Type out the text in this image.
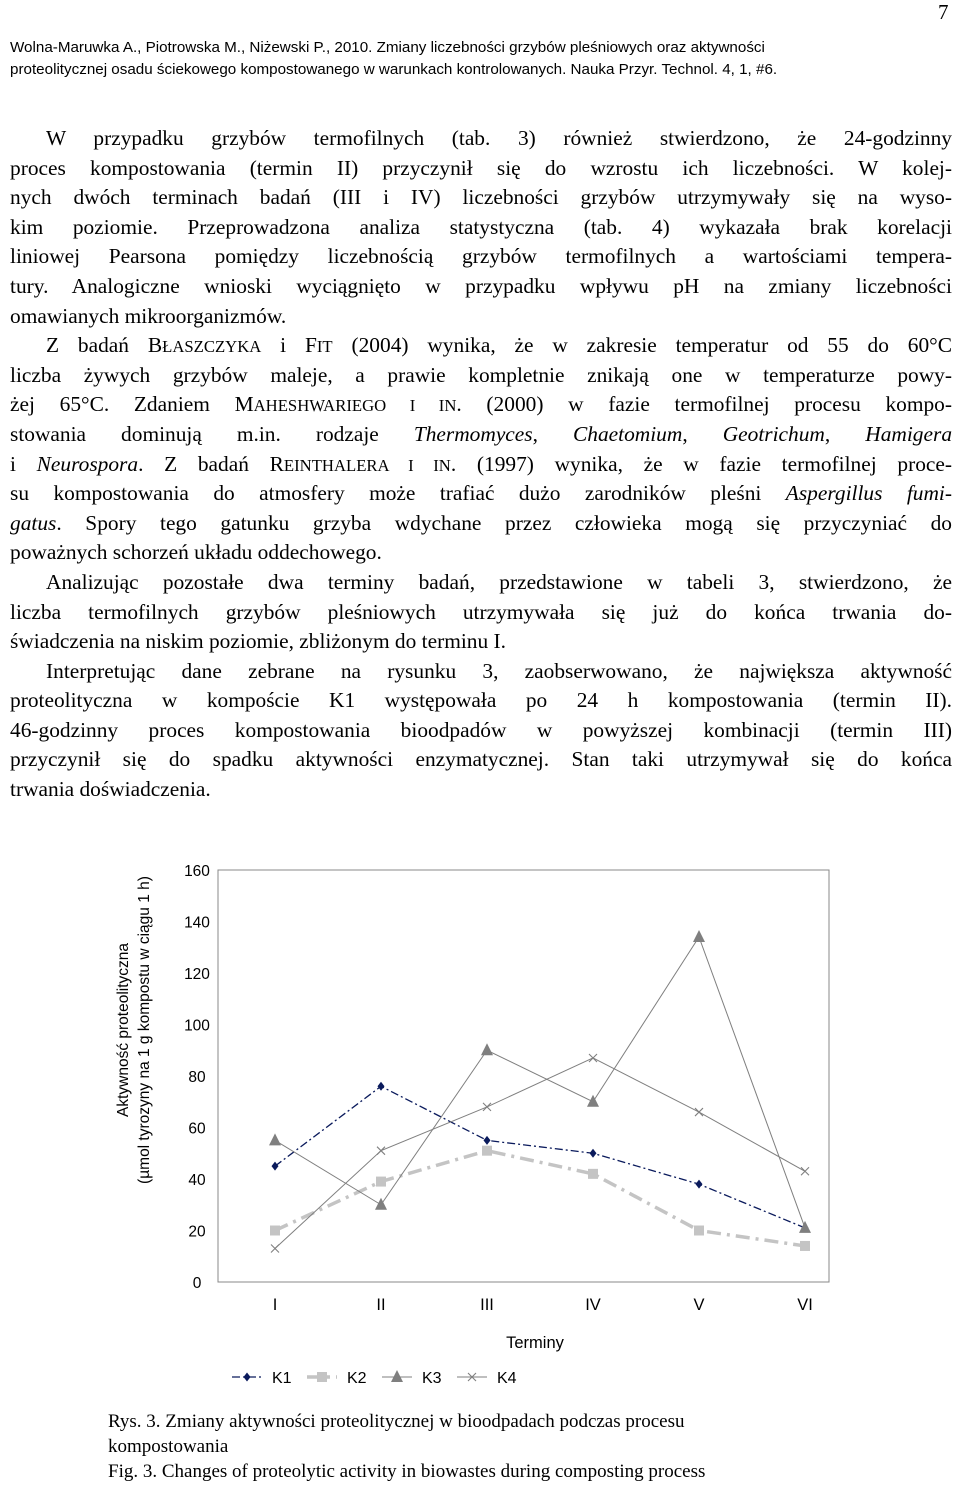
7
Wolna-Maruwka A., Piotrowska M., Niżewski P., 2010. Zmiany liczebności grzybów pleśniowych oraz aktywności
proteolitycznej osadu ściekowego kompostowanego w warunkach kontrolowanych. Nauka Przyr. Technol. 4, 1, #6.
W przypadku grzybów termofilnych (tab. 3) również stwierdzono, że 24-godzinny
proces kompostowania (termin II) przyczynił się do wzrostu ich liczebności. W kolej-
nych dwóch terminach badań (III i IV) liczebności grzybów utrzymywały się na wyso-
kim poziomie. Przeprowadzona analiza statystyczna (tab. 4) wykazała brak korelacji
liniowej Pearsona pomiędzy liczebnością grzybów termofilnych a wartościami tempera-
tury. Analogiczne wnioski wyciągnięto w przypadku wpływu pH na zmiany liczebności
omawianych mikroorganizmów.
Z badań BŁASZCZYKA i FIT (2004) wynika, że w zakresie temperatur od 55 do 60°C
liczba żywych grzybów maleje, a prawie kompletnie znikają one w temperaturze powy-
żej 65°C. Zdaniem MAHESHWARIEGO I IN. (2000) w fazie termofilnej procesu kompo-
stowania dominują m.in. rodzaje Thermomyces, Chaetomium, Geotrichum, Hamigera
i Neurospora. Z badań REINTHALERA I IN. (1997) wynika, że w fazie termofilnej proce-
su kompostowania do atmosfery może trafiać dużo zarodników pleśni Aspergillus fumi-
gatus. Spory tego gatunku grzyba wdychane przez człowieka mogą się przyczyniać do
poważnych schorzeń układu oddechowego.
Analizując pozostałe dwa terminy badań, przedstawione w tabeli 3, stwierdzono, że
liczba termofilnych grzybów pleśniowych utrzymywała się już do końca trwania do-
świadczenia na niskim poziomie, zbliżonym do terminu I.
Interpretując dane zebrane na rysunku 3, zaobserwowano, że największa aktywność
proteolityczna w kompoście K1 występowała po 24 h kompostowania (termin II).
46-godzinny proces kompostowania bioodpadów w powyższej kombinacji (termin III)
przyczynił się do spadku aktywności enzymatycznej. Stan taki utrzymywał się do końca
trwania doświadczenia.
Aktywność proteolityczna (µmol tyrozyny na 1 g kompostu w ciągu 1 h)
0
20
40
60
80
100
120
140
160
I	II	III	IV	V	VI
Terminy
K1	K2	K3	K4
Rys. 3. Zmiany aktywności proteolitycznej w bioodpadach podczas procesu
kompostowania
Fig. 3. Changes of proteolytic activity in biowastes during composting process
